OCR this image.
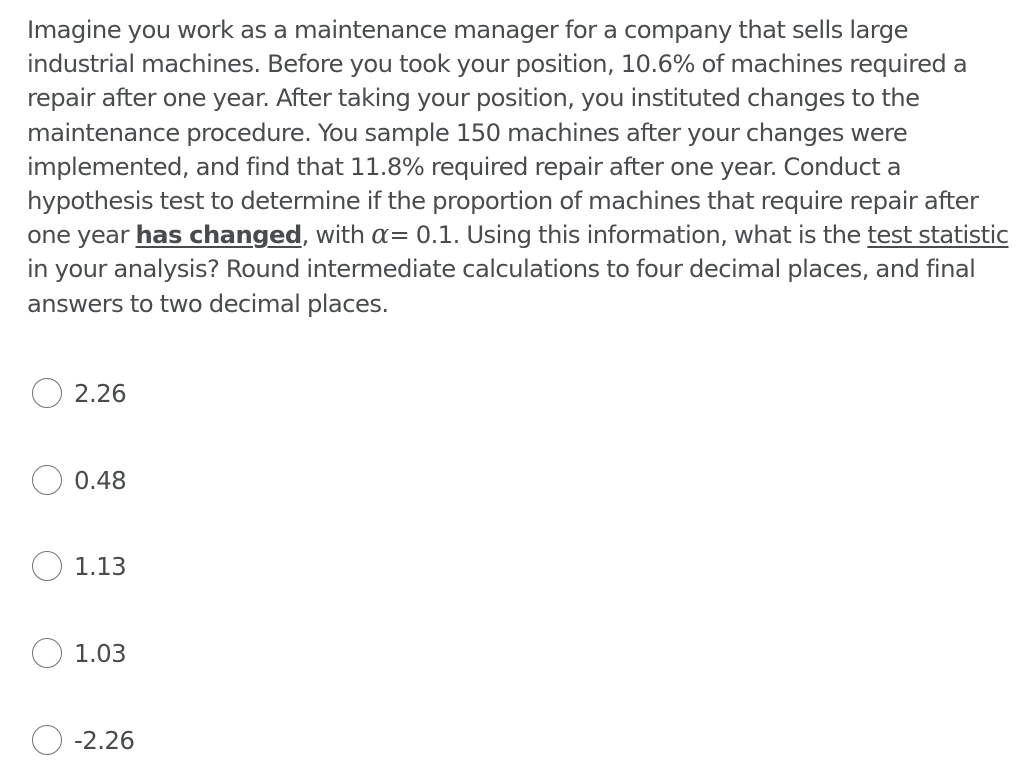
Imagine you work as a maintenance manager for a company that sells large industrial machines. Before you took your position, 10.6% of machines required a repair after one year. After taking your position, you instituted changes to the maintenance procedure. You sample 150 machines after your changes were implemented, and find that 11.8% required repair after one year. Conduct a hypothesis test to determine if the proportion of machines that require repair after one year has changed, with α= 0.1. Using this information, what is the test statistic in your analysis? Round intermediate calculations to four decimal places, and final answers to two decimal places.

2.26
0.48
1.13
1.03
-2.26
